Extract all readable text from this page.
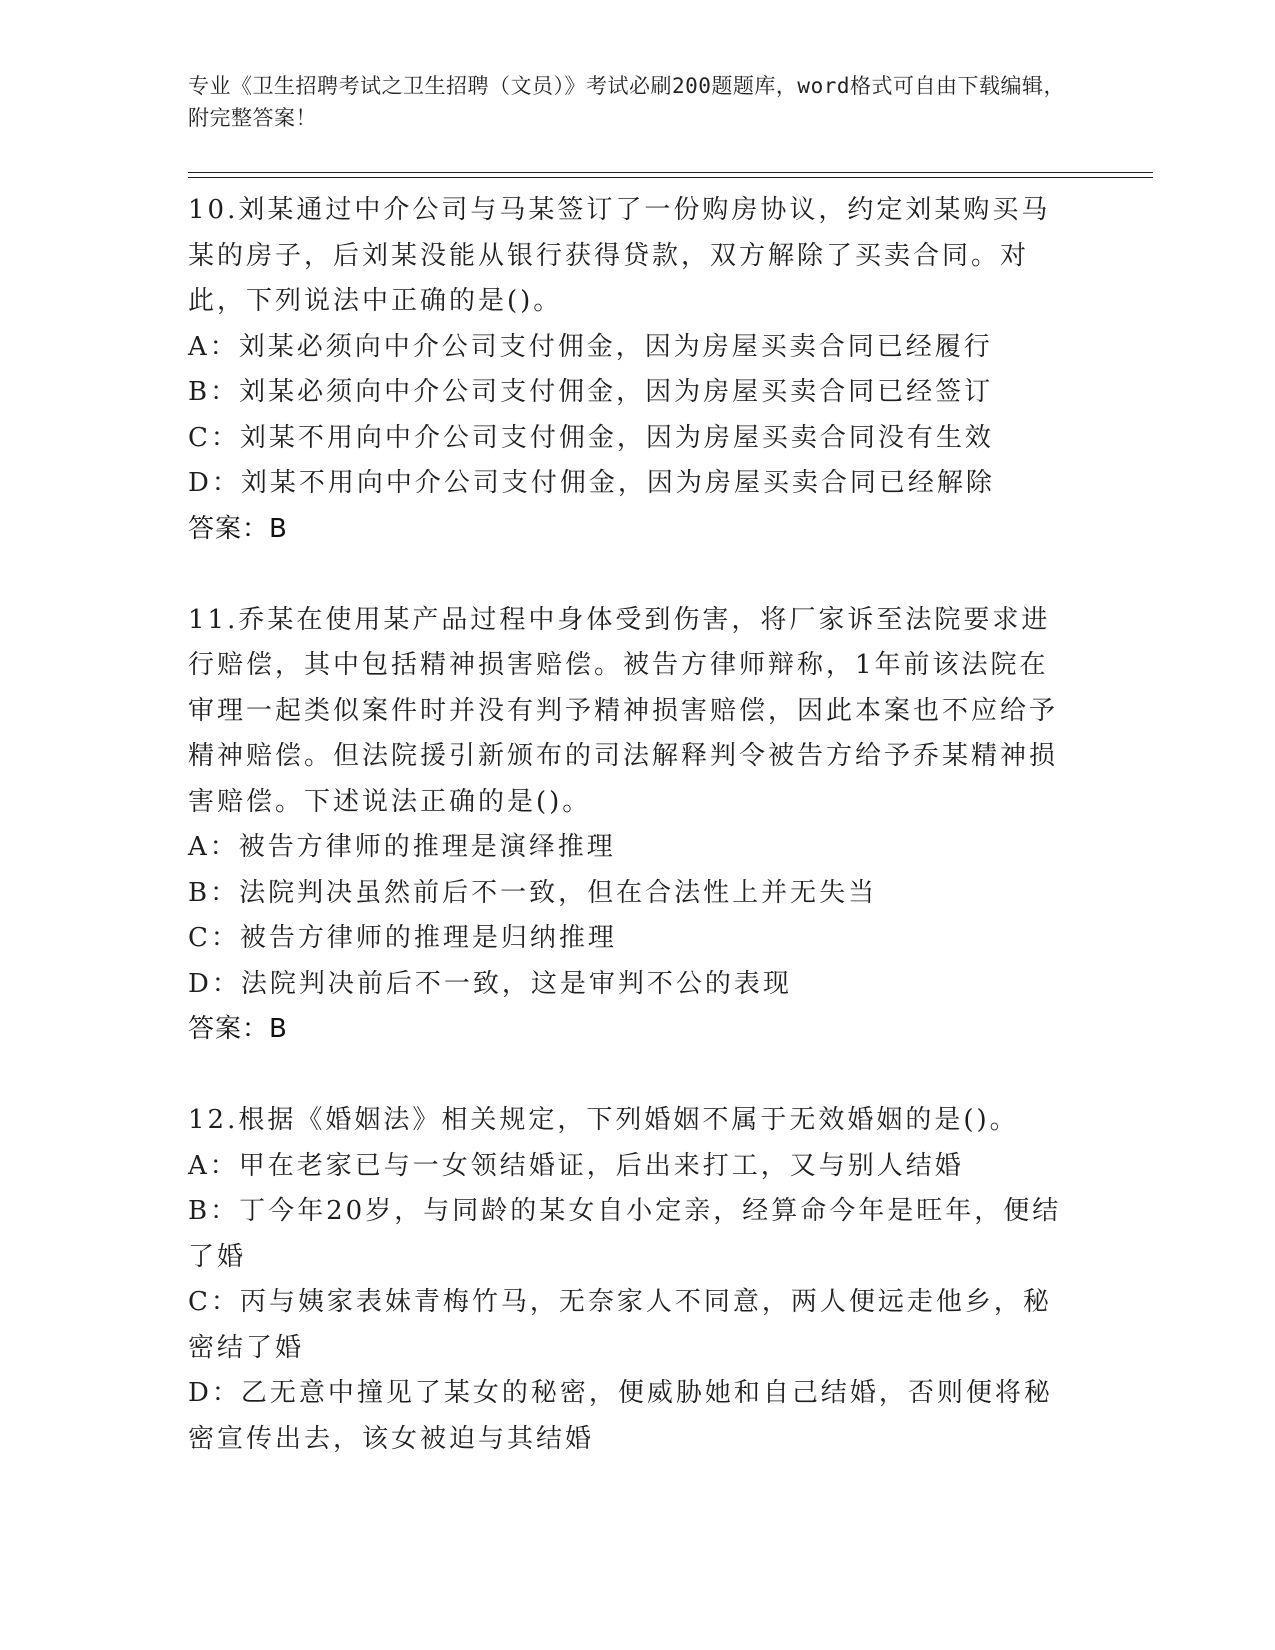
专业《卫生招聘考试之卫生招聘（文员）》考试必刷200题题库，word格式可自由下载编辑，附完整答案！
10.刘某通过中介公司与马某签订了一份购房协议，约定刘某购买马某的房子，后刘某没能从银行获得贷款，双方解除了买卖合同。对此，下列说法中正确的是()。
A：刘某必须向中介公司支付佣金，因为房屋买卖合同已经履行
B：刘某必须向中介公司支付佣金，因为房屋买卖合同已经签订
C：刘某不用向中介公司支付佣金，因为房屋买卖合同没有生效
D：刘某不用向中介公司支付佣金，因为房屋买卖合同已经解除
答案：B
11.乔某在使用某产品过程中身体受到伤害，将厂家诉至法院要求进行赔偿，其中包括精神损害赔偿。被告方律师辩称，1年前该法院在审理一起类似案件时并没有判予精神损害赔偿，因此本案也不应给予精神赔偿。但法院援引新颁布的司法解释判令被告方给予乔某精神损害赔偿。下述说法正确的是()。
A：被告方律师的推理是演绎推理
B：法院判决虽然前后不一致，但在合法性上并无失当
C：被告方律师的推理是归纳推理
D：法院判决前后不一致，这是审判不公的表现
答案：B
12.根据《婚姻法》相关规定，下列婚姻不属于无效婚姻的是()。
A：甲在老家已与一女领结婚证，后出来打工，又与别人结婚
B：丁今年20岁，与同龄的某女自小定亲，经算命今年是旺年，便结了婚
C：丙与姨家表妹青梅竹马，无奈家人不同意，两人便远走他乡，秘密结了婚
D：乙无意中撞见了某女的秘密，便威胁她和自己结婚，否则便将秘密宣传出去，该女被迫与其结婚
